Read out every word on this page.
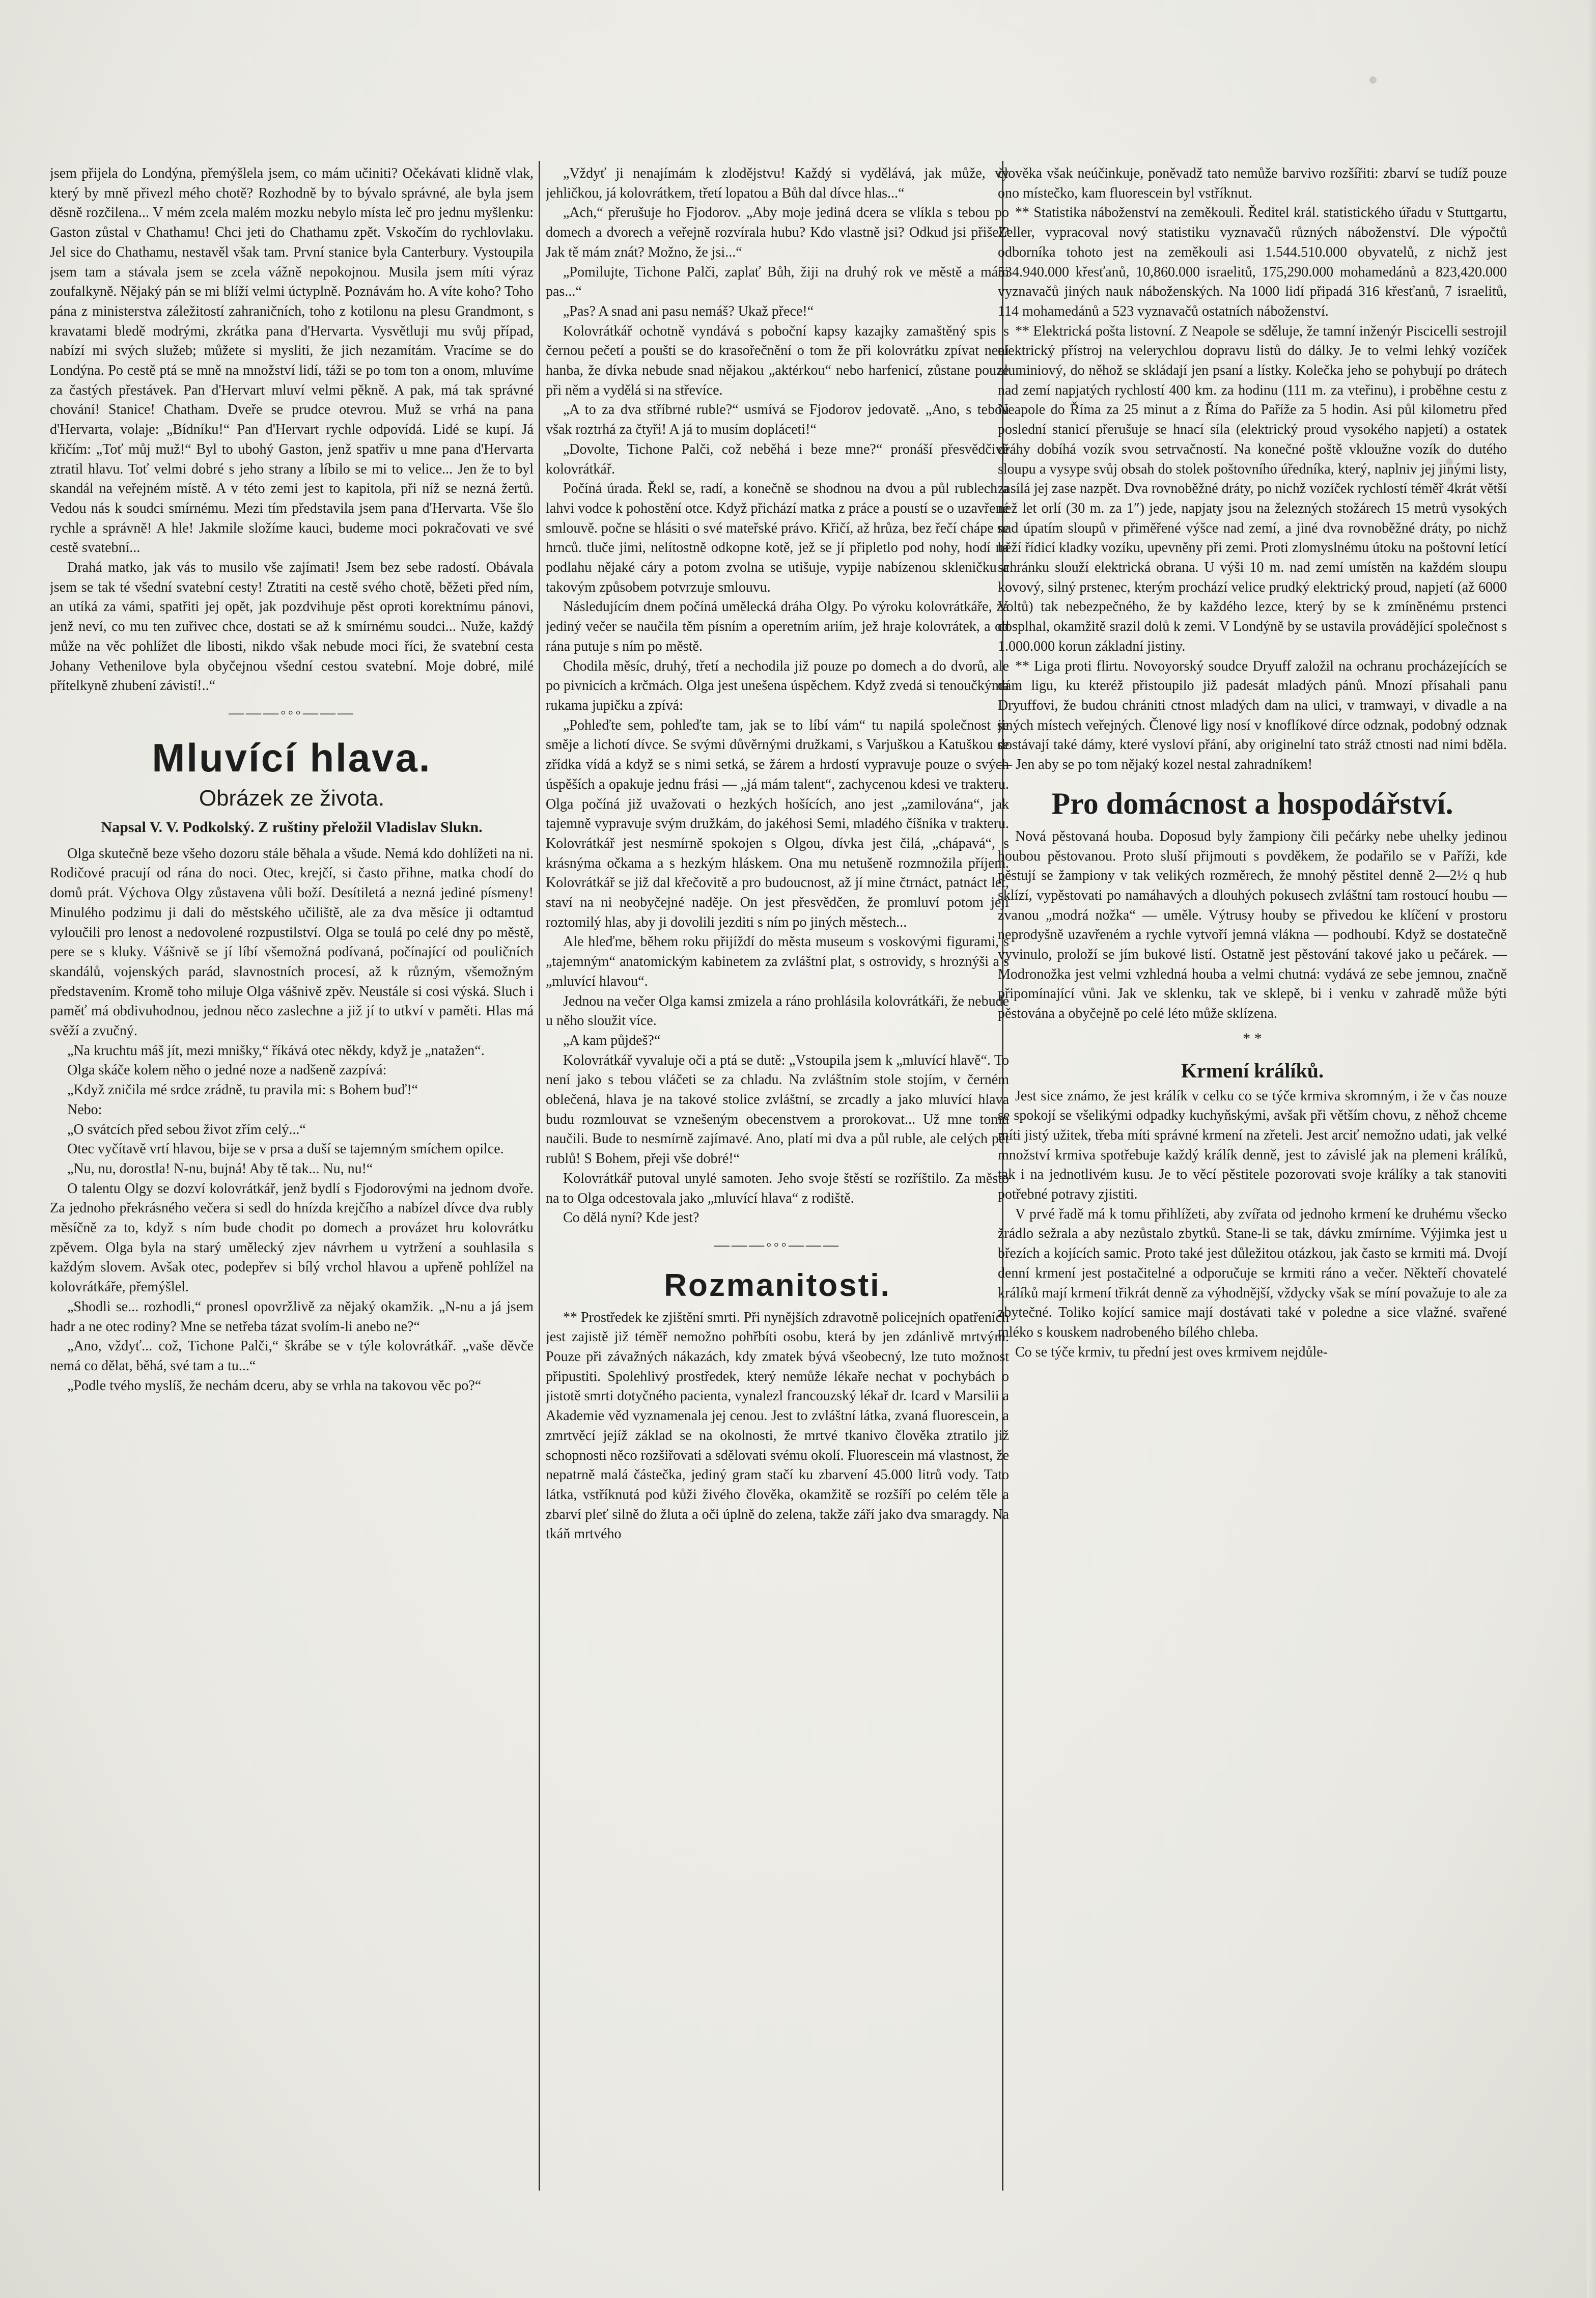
jsem přijela do Londýna, přemýšlela jsem, co mám učiniti? Očekávati klidně vlak, který by mně přivezl mého chotě? Rozhodně by to bývalo správné, ale byla jsem děsně rozčilena... V mém zcela malém mozku nebylo místa leč pro jednu myšlenku: Gaston zůstal v Chathamu! Chci jeti do Chathamu zpět. Vskočím do rychlovlaku. Jel sice do Chathamu, nestavěl však tam. První stanice byla Canterbury. Vystoupila jsem tam a stávala jsem se zcela vážně nepokojnou. Musila jsem míti výraz zoufalkyně. Nějaký pán se mi blíží velmi úctyplně. Poznávám ho. A víte koho? Toho pána z ministerstva záležitostí zahraničních, toho z kotilonu na plesu Grandmont, s kravatami bledě modrými, zkrátka pana d'Hervarta. Vysvětluji mu svůj případ, nabízí mi svých služeb; můžete si mysliti, že jich nezamítám. Vracíme se do Londýna. Po cestě ptá se mně na množství lidí, táži se po tom ton a onom, mluvíme za častých přestávek. Pan d'Hervart mluví velmi pěkně. A pak, má tak správné chování! Stanice! Chatham. Dveře se prudce otevrou. Muž se vrhá na pana d'Hervarta, volaje: „Bídníku!“ Pan d'Hervart rychle odpovídá. Lidé se kupí. Já křičím: „Toť můj muž!“ Byl to ubohý Gaston, jenž spatřiv u mne pana d'Hervarta ztratil hlavu. Toť velmi dobré s jeho strany a líbilo se mi to velice... Jen že to byl skandál na veřejném místě. A v této zemi jest to kapitola, při níž se nezná žertů. Vedou nás k soudci smírnému. Mezi tím představila jsem pana d'Hervarta. Vše šlo rychle a správně! A hle! Jakmile složíme kauci, budeme moci pokračovati ve své cestě svatební...

Drahá matko, jak vás to musilo vše zajímati! Jsem bez sebe radostí. Obávala jsem se tak té všední svatební cesty! Ztratiti na cestě svého chotě, běžeti před ním, an utíká za vámi, spatřiti jej opět, jak pozdvihuje pěst oproti korektnímu pánovi, jenž neví, co mu ten zuřivec chce, dostati se až k smírnému soudci... Nuže, každý může na věc pohlížet dle libosti, nikdo však nebude moci říci, že svatební cesta Johany Vethenilove byla obyčejnou všední cestou svatební. Moje dobré, milé přítelkyně zhubení závistí!..“

———◦◦◦———
Mluvící hlava.
Obrázek ze života.
Napsal V. V. Podkolský. Z ruštiny přeložil Vladislav Slukn.

Olga skutečně beze všeho dozoru stále běhala a všude. Nemá kdo dohlížeti na ni. Rodičové pracují od rána do noci. Otec, krejčí, si často přihne, matka chodí do domů prát. Výchova Olgy zůstavena vůli boží. Desítiletá a nezná jediné písmeny! Minulého podzimu ji dali do městského učiliště, ale za dva měsíce ji odtamtud vyloučili pro lenost a nedovolené rozpustilství. Olga se toulá po celé dny po městě, pere se s kluky. Vášnivě se jí líbí všemožná podívaná, počínající od pouličních skandálů, vojenských parád, slavnostních procesí, až k různým, všemožným představením. Kromě toho miluje Olga vášnivě zpěv. Neustále si cosi výská. Sluch i paměť má obdivuhodnou, jednou něco zaslechne a již jí to utkví v paměti. Hlas má svěží a zvučný.

„Na kruchtu máš jít, mezi mnišky,“ říkává otec někdy, když je „natažen“.

Olga skáče kolem něho o jedné noze a nadšeně zazpívá:

„Když zničila mé srdce zrádně, tu pravila mi: s Bohem buď!“

Nebo:

„O svátcích před sebou život zřím celý...“

Otec vyčítavě vrtí hlavou, bije se v prsa a duší se tajemným smíchem opilce.

„Nu, nu, dorostla! N-nu, bujná! Aby tě tak... Nu, nu!“

O talentu Olgy se dozví kolovrátkář, jenž bydlí s Fjodorovými na jednom dvoře. Za jednoho překrásného večera si sedl do hnízda krejčího a nabízel dívce dva rubly měsíčně za to, když s ním bude chodit po domech a provázet hru kolovrátku zpěvem. Olga byla na starý umělecký zjev návrhem u vytržení a souhlasila s každým slovem. Avšak otec, podepřev si bílý vrchol hlavou a upřeně pohlížel na kolovrátkáře, přemýšlel.

„Shodli se... rozhodli,“ pronesl opovržlivě za nějaký okamžik. „N-nu a já jsem hadr a ne otec rodiny? Mne se netřeba tázat svolím-li anebo ne?“

„Ano, vždyť... což, Tichone Palči,“ škrábe se v týle kolovrátkář. „vaše děvče nemá co dělat, běhá, své tam a tu...“

„Podle tvého myslíš, že nechám dceru, aby se vrhla na takovou věc po?“

„Vždyť ji nenajímám k zlodějstvu! Každý si vydělává, jak může, vy jehličkou, já kolovrátkem, třetí lopatou a Bůh dal dívce hlas...“

„Ach,“ přerušuje ho Fjodorov. „Aby moje jediná dcera se vlíkla s tebou po domech a dvorech a veřejně rozvírala hubu? Kdo vlastně jsi? Odkud jsi přišel? Jak tě mám znát? Možno, že jsi...“

„Pomilujte, Tichone Palči, zaplať Bůh, žiji na druhý rok ve městě a mám pas...“

„Pas? A snad ani pasu nemáš? Ukaž přece!“

Kolovrátkář ochotně vyndává s poboční kapsy kazajky zamaštěný spis s černou pečetí a poušti se do krasořečnění o tom že při kolovrátku zpívat není hanba, že dívka nebude snad nějakou „aktérkou“ nebo harfenicí, zůstane pouze při něm a vydělá si na střevíce.

„A to za dva stříbrné ruble?“ usmívá se Fjodorov jedovatě. „Ano, s tebou však roztrhá za čtyři! A já to musím dopláceti!“

„Dovolte, Tichone Palči, což neběhá i beze mne?“ pronáší přesvědčivě kolovrátkář.

Počíná úrada. Řekl se, radí, a konečně se shodnou na dvou a půl rublech a lahvi vodce k pohostění otce. Když přichází matka z práce a poustí se o uzavřené smlouvě. počne se hlásiti o své mateřské právo. Křičí, až hrůza, bez řečí chápe se hrnců. tluče jimi, nelítostně odkopne kotě, jež se jí připletlo pod nohy, hodí na podlahu nějaké cáry a potom zvolna se utišuje, vypije nabízenou skleničku a takovým způsobem potvrzuje smlouvu.

Následujícím dnem počíná umělecká dráha Olgy. Po výroku kolovrátkáře, za jediný večer se naučila těm písním a operetním ariím, jež hraje kolovrátek, a od rána putuje s ním po městě.

Chodila měsíc, druhý, třetí a nechodila již pouze po domech a do dvorů, ale po pivnicích a krčmách. Olga jest unešena úspěchem. Když zvedá si tenoučkýma rukama jupičku a zpívá:

„Pohleďte sem, pohleďte tam, jak se to líbí vám“ tu napilá společnost se směje a lichotí dívce. Se svými důvěrnými družkami, s Varjuškou a Katuškou se zřídka vídá a když se s nimi setká, se žárem a hrdostí vypravuje pouze o svých úspěších a opakuje jednu frási — „já mám talent“, zachycenou kdesi ve trakteru. Olga počíná již uvažovati o hezkých hošících, ano jest „zamilována“, jak tajemně vypravuje svým družkám, do jakéhosi Semi, mladého číšníka v trakteru. Kolovrátkář jest nesmírně spokojen s Olgou, dívka jest čilá, „chápavá“, s krásnýma očkama a s hezkým hláskem. Ona mu netušeně rozmnožila příjem. Kolovrátkář se již dal křečovitě a pro budoucnost, až jí mine čtrnáct, patnáct let, staví na ni neobyčejné naděje. On jest přesvědčen, že promluví potom její roztomilý hlas, aby ji dovolili jezditi s ním po jiných městech...

Ale hleďme, během roku přijíždí do města museum s voskovými figurami, s „tajemným“ anatomickým kabinetem za zvláštní plat, s ostrovidy, s hroznýši a s „mluvící hlavou“.

Jednou na večer Olga kamsi zmizela a ráno prohlásila kolovrátkáři, že nebude u něho sloužit více.

„A kam půjdeš?“

Kolovrátkář vyvaluje oči a ptá se dutě: „Vstoupila jsem k „mluvící hlavě“. To není jako s tebou vláčeti se za chladu. Na zvláštním stole stojím, v černém oblečená, hlava je na takové stolice zvláštní, se zrcadly a jako mluvící hlava budu rozmlouvat se vznešeným obecenstvem a prorokovat... Už mne tomu naučili. Bude to nesmírně zajímavé. Ano, platí mi dva a půl ruble, ale celých pět rublů! S Bohem, přeji vše dobré!“

Kolovrátkář putoval unylé samoten. Jeho svoje štěstí se rozříštilo. Za město na to Olga odcestovala jako „mluvící hlava“ z rodiště.

Co dělá nyní? Kde jest?

———◦◦◦———
Rozmanitosti.

** Prostředek ke zjištění smrti. Při nynějších zdravotně policejních opatřeních jest zajistě již téměř nemožno pohřbíti osobu, která by jen zdánlivě mrtvým. Pouze při závažných nákazách, kdy zmatek bývá všeobecný, lze tuto možnost připustiti. Spolehlivý prostředek, který nemůže lékaře nechat v pochybách o jistotě smrti dotyčného pacienta, vynalezl francouzský lékař dr. Icard v Marsilii a Akademie věd vyznamenala jej cenou. Jest to zvláštní látka, zvaná fluorescein, a zmrtvěcí jejíž základ se na okolnosti, že mrtvé tkanivo člověka ztratilo již schopnosti něco rozšiřovati a sdělovati svému okolí. Fluorescein má vlastnost, že nepatrně malá částečka, jediný gram stačí ku zbarvení 45.000 litrů vody. Tato látka, vstříknutá pod kůži živého člověka, okamžitě se rozšíří po celém těle a zbarví pleť silně do žluta a oči úplně do zelena, takže září jako dva smaragdy. Na tkáň mrtvého

člověka však neúčinkuje, poněvadž tato nemůže barvivo rozšířiti: zbarví se tudíž pouze ono místečko, kam fluorescein byl vstříknut.

** Statistika náboženství na zeměkouli. Ředitel král. statistického úřadu v Stuttgartu, Zeller, vypracoval nový statistiku vyznavačů různých náboženství. Dle výpočtů odborníka tohoto jest na zeměkouli asi 1.544.510.000 obyvatelů, z nichž jest 534.940.000 křesťanů, 10,860.000 israelitů, 175,290.000 mohamedánů a 823,420.000 vyznavačů jiných nauk náboženských. Na 1000 lidí připadá 316 křesťanů, 7 israelitů, 114 mohamedánů a 523 vyznavačů ostatních náboženství.

** Elektrická pošta listovní. Z Neapole se sděluje, že tamní inženýr Piscicelli sestrojil elektrický přístroj na velerychlou dopravu listů do dálky. Je to velmi lehký vozíček aluminiový, do něhož se skládají jen psaní a lístky. Kolečka jeho se pohybují po drátech nad zemí napjatých rychlostí 400 km. za hodinu (111 m. za vteřinu), i proběhne cestu z Neapole do Říma za 25 minut a z Říma do Paříže za 5 hodin. Asi půl kilometru před poslední stanicí přerušuje se hnací síla (elektrický proud vysokého napjetí) a ostatek dráhy dobíhá vozík svou setrvačností. Na konečné poště vkloužne vozík do dutého sloupu a vysype svůj obsah do stolek poštovního úředníka, který, naplniv jej jinými listy, zasílá jej zase nazpět. Dva rovnoběžné dráty, po nichž vozíček rychlostí téměř 4krát větší než let orlí (30 m. za 1″) jede, napjaty jsou na železných stožárech 15 metrů vysokých nad úpatím sloupů v přiměřené výšce nad zemí, a jiné dva rovnoběžné dráty, po nichž běží řídicí kladky vozíku, upevněny při zemi. Proti zlomyslnému útoku na poštovní letící schránku slouží elektrická obrana. U výši 10 m. nad zemí umístěn na každém sloupu kovový, silný prstenec, kterým prochází velice prudký elektrický proud, napjetí (až 6000 Voltů) tak nebezpečného, že by každého lezce, který by se k zmíněnému prstenci dosplhal, okamžitě srazil dolů k zemi. V Londýně by se ustavila provádějící společnost s 1.000.000 korun základní jistiny.

** Liga proti flirtu. Novoyorský soudce Dryuff založil na ochranu procházejících se dám ligu, ku kteréž přistoupilo již padesát mladých pánů. Mnozí přísahali panu Dryuffovi, že budou chrániti ctnost mladých dam na ulici, v tramwayi, v divadle a na jiných místech veřejných. Členové ligy nosí v knoflíkové dírce odznak, podobný odznak dostávají také dámy, které vysloví přání, aby originelní tato stráž ctnosti nad nimi bděla. — Jen aby se po tom nějaký kozel nestal zahradníkem!

Pro domácnost a hospodářství.

Nová pěstovaná houba. Doposud byly žampiony čili pečárky nebe uhelky jedinou houbou pěstovanou. Proto sluší přijmouti s povděkem, že podařilo se v Paříži, kde pěstují se žampiony v tak velikých rozměrech, že mnohý pěstitel denně 2—2½ q hub sklízí, vypěstovati po namáhavých a dlouhých pokusech zvláštní tam rostoucí houbu — zvanou „modrá nožka“ — uměle. Výtrusy houby se přivedou ke klíčení v prostoru neprodyšně uzavřeném a rychle vytvoří jemná vlákna — podhoubí. Když se dostatečně vyvinulo, proloží se jím bukové listí. Ostatně jest pěstování takové jako u pečárek. — Modronožka jest velmi vzhledná houba a velmi chutná: vydává ze sebe jemnou, značně připomínající vůni. Jak ve sklenku, tak ve sklepě, bi i venku v zahradě může býti pěstována a obyčejně po celé léto může sklízena.

* *
Krmení králíků.

Jest sice známo, že jest králík v celku co se týče krmiva skromným, i že v čas nouze se spokojí se všelikými odpadky kuchyňskými, avšak při větším chovu, z něhož chceme míti jistý užitek, třeba míti správné krmení na zřeteli. Jest arciť nemožno udati, jak velké množství krmiva spotřebuje každý králík denně, jest to závislé jak na plemeni králíků, tak i na jednotlivém kusu. Je to věcí pěstitele pozorovati svoje králíky a tak stanoviti potřebné potravy zjistiti.

V prvé řadě má k tomu přihlížeti, aby zvířata od jednoho krmení ke druhému všecko žrádlo sežrala a aby nezůstalo zbytků. Stane-li se tak, dávku zmírníme. Výjimka jest u březích a kojících samic. Proto také jest důležitou otázkou, jak často se krmiti má. Dvojí denní krmení jest postačitelné a odporučuje se krmiti ráno a večer. Někteří chovatelé králíků mají krmení třikrát denně za výhodnější, vždycky však se míní považuje to ale za zbytečné. Toliko kojící samice mají dostávati také v poledne a sice vlažné. svařené mléko s kouskem nadrobeného bílého chleba.

Co se týče krmiv, tu přední jest oves krmivem nejdůle-
